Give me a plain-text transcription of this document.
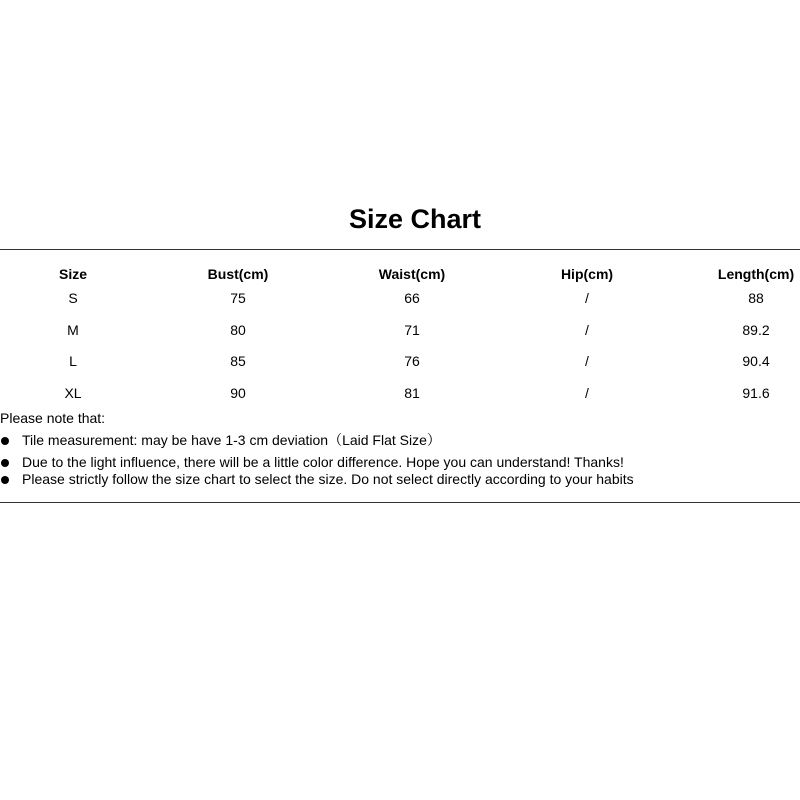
Size Chart
Size	Bust(cm)	Waist(cm)	Hip(cm)	Length(cm)
S	75	66	/	88
M	80	71	/	89.2
L	85	76	/	90.4
XL	90	81	/	91.6
Please note that:
Tile measurement: may be have 1-3 cm deviation（Laid Flat Size）
Due to the light influence, there will be a little color difference. Hope you can understand! Thanks!
Please strictly follow the size chart to select the size. Do not select directly according to your habits
